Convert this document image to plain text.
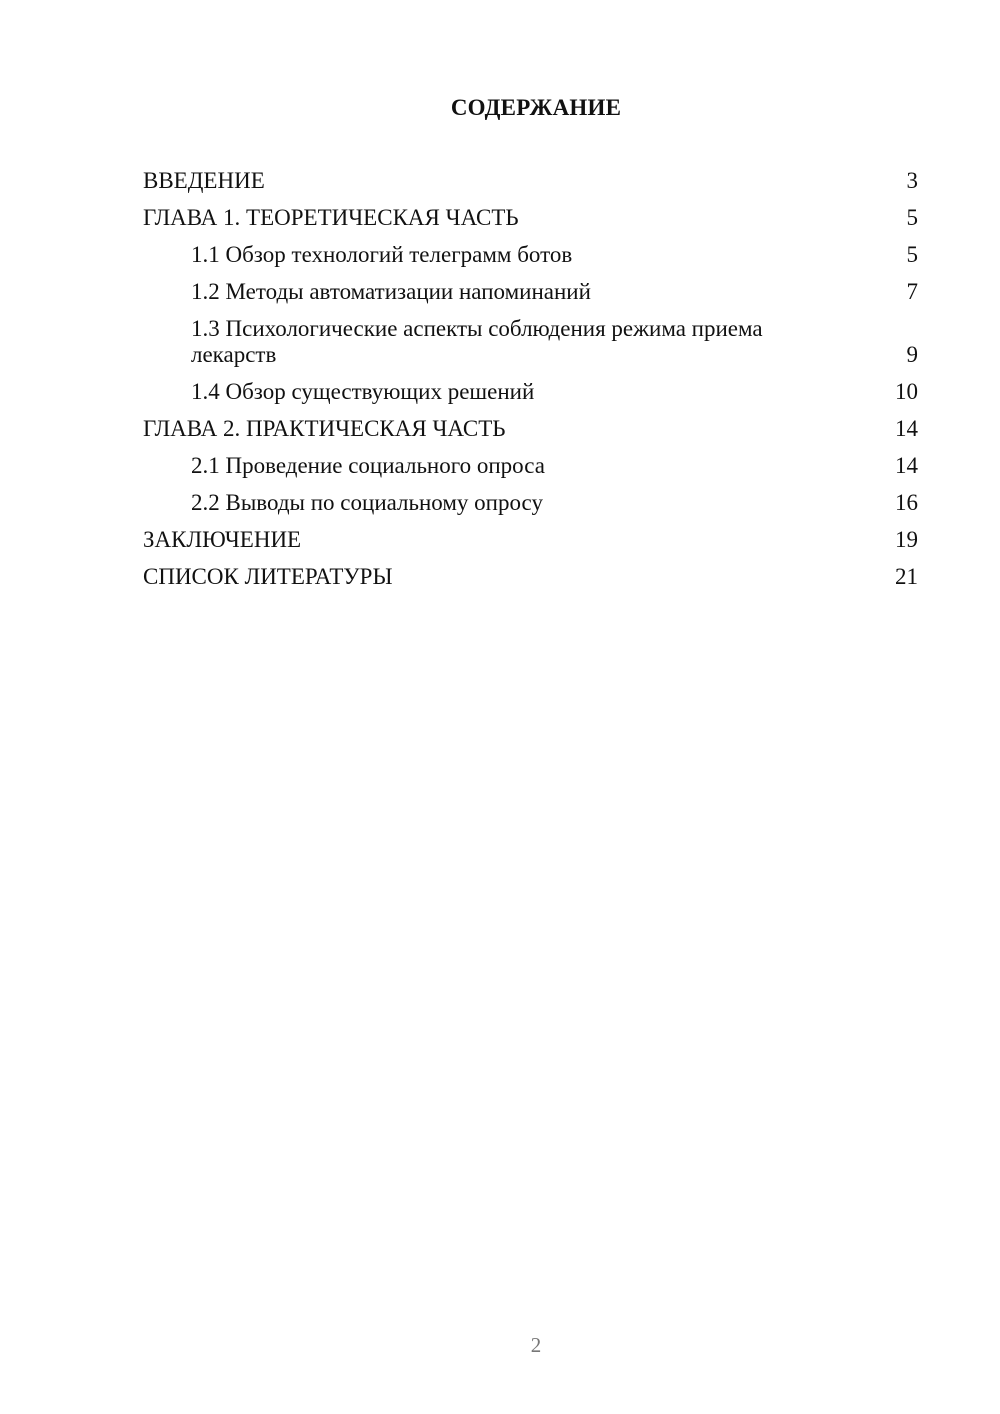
СОДЕРЖАНИЕ
ВВЕДЕНИЕ	3
ГЛАВА 1. ТЕОРЕТИЧЕСКАЯ ЧАСТЬ	5
1.1 Обзор технологий телеграмм ботов	5
1.2 Методы автоматизации напоминаний	7
1.3 Психологические аспекты соблюдения режима приема лекарств	9
1.4 Обзор существующих решений	10
ГЛАВА 2. ПРАКТИЧЕСКАЯ ЧАСТЬ	14
2.1 Проведение социального опроса	14
2.2 Выводы по социальному опросу	16
ЗАКЛЮЧЕНИЕ	19
СПИСОК ЛИТЕРАТУРЫ	21
2
